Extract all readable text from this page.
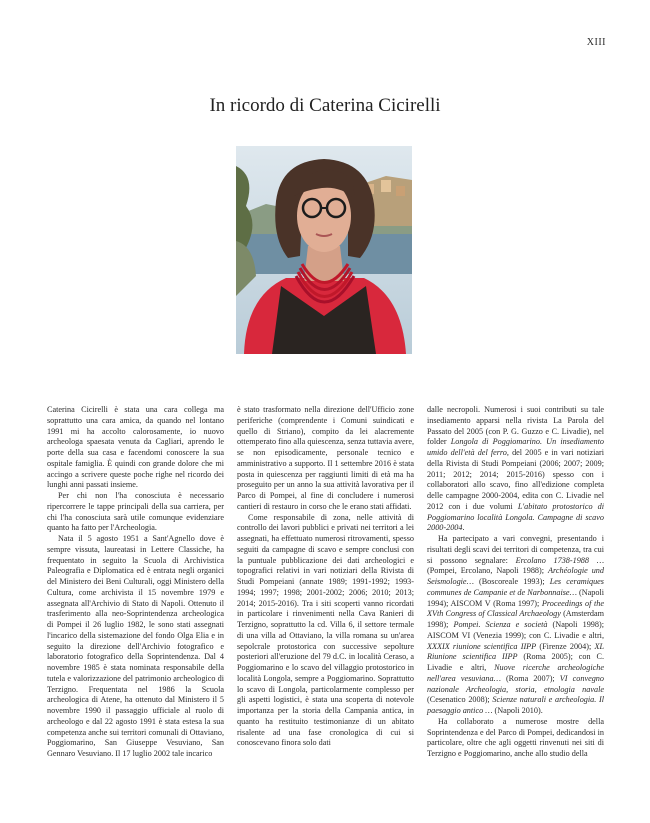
XIII
In ricordo di Caterina Cicirelli

Caterina Cicirelli è stata una cara collega ma soprattutto una cara amica, da quando nel lontano 1991 mi ha accolto calorosamente, io nuovo archeologa spaesata venuta da Cagliari, aprendo le porte della sua casa e facendomi conoscere la sua ospitale famiglia. È quindi con grande dolore che mi accingo a scrivere queste poche righe nel ricordo dei lunghi anni passati insieme.

Per chi non l'ha conosciuta è necessario ripercorrere le tappe principali della sua carriera, per chi l'ha conosciuta sarà utile comunque evidenziare quanto ha fatto per l'Archeologia.

Nata il 5 agosto 1951 a Sant'Agnello dove è sempre vissuta, laureatasi in Lettere Classiche, ha frequentato in seguito la Scuola di Archivistica Paleografia e Diplomatica ed è entrata negli organici del Ministero dei Beni Culturali, oggi Ministero della Cultura, come archivista il 15 novembre 1979 e assegnata all'Archivio di Stato di Napoli. Ottenuto il trasferimento alla neo-Soprintendenza archeologica di Pompei il 26 luglio 1982, le sono stati assegnati l'incarico della sistemazione del fondo Olga Elia e in seguito la direzione dell'Archivio fotografico e laboratorio fotografico della Soprintendenza. Dal 4 novembre 1985 è stata nominata responsabile della tutela e valorizzazione del patrimonio archeologico di Terzigno. Frequentata nel 1986 la Scuola archeologica di Atene, ha ottenuto dal Ministero il 5 novembre 1990 il passaggio ufficiale al ruolo di archeologo e dal 22 agosto 1991 è stata estesa la sua competenza anche sui territori comunali di Ottaviano, Poggiomarino, San Giuseppe Vesuviano, San Gennaro Vesuviano. Il 17 luglio 2002 tale incarico

è stato trasformato nella direzione dell'Ufficio zone periferiche (comprendente i Comuni suindicati e quello di Striano), compito da lei alacremente ottemperato fino alla quiescenza, senza tuttavia avere, se non episodicamente, personale tecnico e amministrativo a supporto. Il 1 settembre 2016 è stata posta in quiescenza per raggiunti limiti di età ma ha proseguito per un anno la sua attività lavorativa per il Parco di Pompei, al fine di concludere i numerosi cantieri di restauro in corso che le erano stati affidati.

Come responsabile di zona, nelle attività di controllo dei lavori pubblici e privati nei territori a lei assegnati, ha effettuato numerosi ritrovamenti, spesso seguiti da campagne di scavo e sempre conclusi con la puntuale pubblicazione dei dati archeologici e topografici relativi in vari notiziari della Rivista di Studi Pompeiani (annate 1989; 1991-1992; 1993-1994; 1997; 1998; 2001-2002; 2006; 2010; 2013; 2014; 2015-2016). Tra i siti scoperti vanno ricordati in particolare i rinvenimenti nella Cava Ranieri di Terzigno, soprattutto la cd. Villa 6, il settore termale di una villa ad Ottaviano, la villa romana su un'area sepolcrale protostorica con successive sepolture posteriori all'eruzione del 79 d.C. in località Ceraso, a Poggiomarino e lo scavo del villaggio protostorico in località Longola, sempre a Poggiomarino. Soprattutto lo scavo di Longola, particolarmente complesso per gli aspetti logistici, è stata una scoperta di notevole importanza per la storia della Campania antica, in quanto ha restituito testimonianze di un abitato risalente ad una fase cronologica di cui si conoscevano finora solo dati

dalle necropoli. Numerosi i suoi contributi su tale insediamento apparsi nella rivista La Parola del Passato del 2005 (con P. G. Guzzo e C. Livadie), nel folder Longola di Poggiomarino. Un insediamento umido dell'età del ferro, del 2005 e in vari notiziari della Rivista di Studi Pompeiani (2006; 2007; 2009; 2011; 2012; 2014; 2015-2016) spesso con i collaboratori allo scavo, fino all'edizione completa delle campagne 2000-2004, edita con C. Livadie nel 2012 con i due volumi L'abitato protostorico di Poggiomarino località Longola. Campagne di scavo 2000-2004.

Ha partecipato a vari convegni, presentando i risultati degli scavi dei territori di competenza, tra cui si possono segnalare: Ercolano 1738-1988 … (Pompei, Ercolano, Napoli 1988); Archéologie und Seismologie… (Boscoreale 1993); Les ceramiques communes de Campanie et de Narbonnaise… (Napoli 1994); AISCOM V (Roma 1997); Proceedings of the XVth Congress of Classical Archaeology (Amsterdam 1998); Pompei. Scienza e società (Napoli 1998); AISCOM VI (Venezia 1999); con C. Livadie e altri, XXXIX riunione scientifica IIPP (Firenze 2004); XL Riunione scientifica IIPP (Roma 2005); con C. Livadie e altri, Nuove ricerche archeologiche nell'area vesuviana… (Roma 2007); VI convegno nazionale Archeologia, storia, etnologia navale (Cesenatico 2008); Scienze naturali e archeologia. Il paesaggio antico … (Napoli 2010).

Ha collaborato a numerose mostre della Soprintendenza e del Parco di Pompei, dedicandosi in particolare, oltre che agli oggetti rinvenuti nei siti di Terzigno e Poggiomarino, anche allo studio della
